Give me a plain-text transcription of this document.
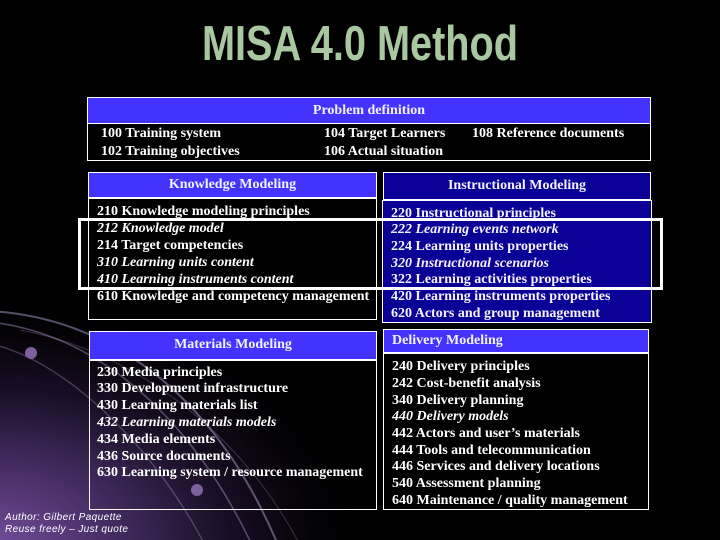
MISA 4.0 Method
Problem definition
100 Training system
102 Training objectives
104 Target Learners
106 Actual situation
108 Reference documents
Knowledge Modeling
210 Knowledge modeling principles
212 Knowledge model
214 Target competencies
310 Learning units content
410 Learning instruments content
610 Knowledge and competency management
Instructional Modeling
220 Instructional principles
222 Learning events network
224 Learning units properties
320 Instructional scenarios
322 Learning activities properties
420 Learning instruments properties
620 Actors and group management
Materials Modeling
230 Media principles
330 Development infrastructure
430 Learning materials list
432 Learning materials models
434 Media elements
436 Source documents
630 Learning system / resource management
Delivery Modeling
240 Delivery principles
242 Cost-benefit analysis
340 Delivery planning
440 Delivery models
442 Actors and user’s materials
444 Tools and telecommunication
446 Services and delivery locations
540 Assessment planning
640 Maintenance / quality management
Author: Gilbert Paquette
Reuse freely – Just quote
